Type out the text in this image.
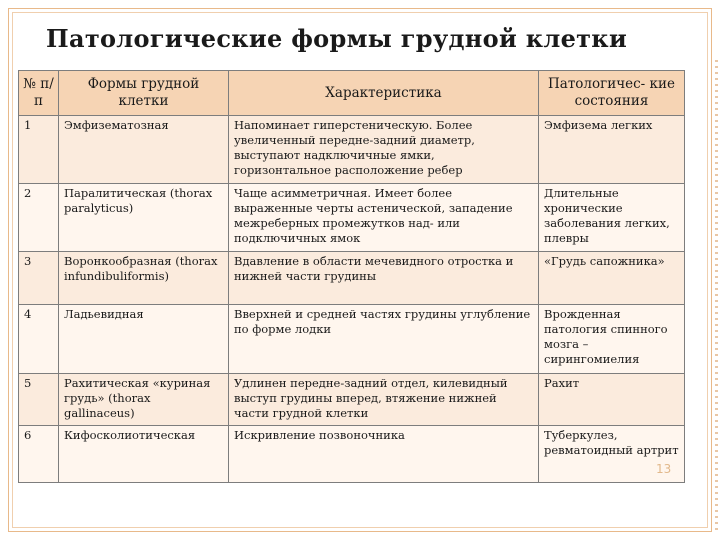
Патологические формы грудной клетки
№ п/п	Формы грудной клетки	Характеристика	Патологичес- кие состояния
1	Эмфизематозная	Напоминает гиперстеническую. Более увеличенный передне-задний диаметр, выступают надключичные ямки, горизонтальное расположение ребер	Эмфизема легких
2	Паралитическая (thorax paralyticus)	Чаще асимметричная. Имеет более выраженные черты астенической, западение межреберных промежутков над- или подключичных ямок	Длительные хронические заболевания легких, плевры
3	Воронкообразная (thorax infundibuliformis)	Вдавление в области мечевидного отростка и нижней части грудины	«Грудь сапожника»
4	Ладьевидная	Вверхней и средней частях грудины углубление по форме лодки	Врожденная патология спинного мозга – сирингомиелия
5	Рахитическая «куриная грудь» (thorax gallinaceus)	Удлинен передне-задний отдел, килевидный выступ грудины вперед, втяжение нижней части грудной клетки	Рахит
6	Кифосколиотическая	Искривление позвоночника	Туберкулез, ревматоидный артрит
13
